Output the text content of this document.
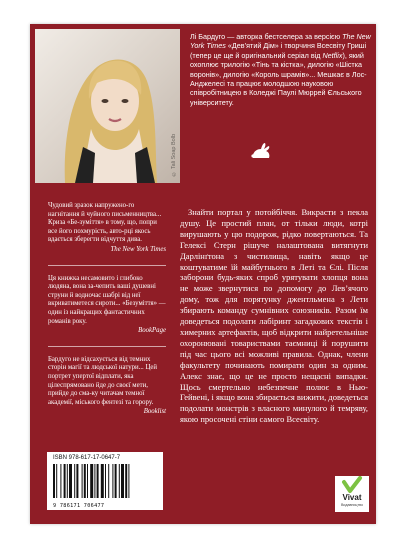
© Tali Soap Bolb
Лі Бардуго — авторка бестселера за версією The New York Times «Дев’ятий Дім» і творчиня Всесвіту Гриші (тепер це ще й оригінальний серіал від Netflix), який охоплює трилогію «Тінь та кістка», дилогію «Шістка воронів», дилогію «Король шрамів»... Мешкає в Лос-Анджелесі та працює молодшою науковою співробітницею в Коледжі Паулі Мюррей Єльського університету.

Чудовий зразок напружено-го нагнітання й чуйного письменництва... Криза «Бе-зуміття» в тому, що, попри все його похмурість, авто-рці якось вдається зберегти відчуття дива.

The New York Times

Ця книжка несамовито і глибоко людяна, вона за-чепить ваші душевні струни й водночас шабрі від неї вкриватиметеся сироти... «Безуміття» — один із найкращих фантастичних романів року.

BookPage

Бардуго не відсахується від темних сторін магії та людської натури... Цей портрет упертої відплати, яка цілеспрямовано йде до своєї мети, прийде до сма-ку читачам темної академії, міського фентезі та горору.

Booklist

Знайти портал у потойбіччя. Викрасти з пекла душу. Це простий план, от тільки люди, котрі вирушають у цю подорож, рідко повертаються. Та Гелексі Стерн рішуче налаштована витягнути Дарлінґтона з чистилища, навіть якщо це коштуватиме їй майбутнього в Леті та Єлі. Після заборони будь-яких спроб урятувати хлопця вона не може звернутися по допомогу до Лев’ячого дому, тож для порятунку джентльмена з Лети збирають команду сумнівних союзників. Разом їм доведеться подолати лабіринт загадкових текстів і химерних артефактів, щоб відкрити найретельніше охоронювані товариствами таємниці й порушити під час цього всі можливі правила. Однак, члени факультету починають помирати один за одним. Алекс знає, що це не просто нещасні випадки. Щось смертельно небезпечне полює в Нью-Гейвені, і якщо вона збирається вижити, доведеться подолати монстрів з власного минулого й темряву, якою просочені стіни самого Всесвіту.
ISBN 978-617-17-0647-7
9 786171 706477
Vivat
Видавництво
